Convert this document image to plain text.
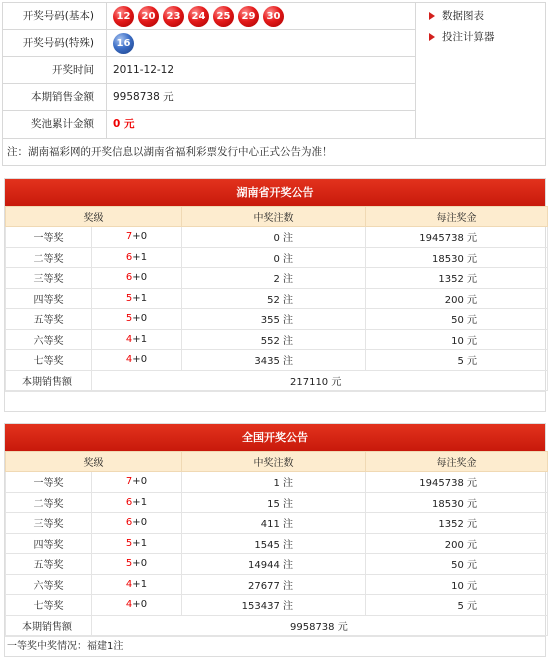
开奖号码(基本)	12	20	23	24	25	29	30
开奖号码(特殊)	16
开奖时间	2011-12-12
本期销售金额	9958738 元
奖池累计金额	0 元
数据图表
投注计算器
注：湖南福彩网的开奖信息以湖南省福利彩票发行中心正式公告为准！
湖南省开奖公告
奖级		中奖注数	每注奖金
一等奖	7+0	0 注	1945738 元
二等奖	6+1	0 注	18530 元
三等奖	6+0	2 注	1352 元
四等奖	5+1	52 注	200 元
五等奖	5+0	355 注	50 元
六等奖	4+1	552 注	10 元
七等奖	4+0	3435 注	5 元
本期销售额	217110 元		
全国开奖公告
奖级		中奖注数	每注奖金
一等奖	7+0	1 注	1945738 元
二等奖	6+1	15 注	18530 元
三等奖	6+0	411 注	1352 元
四等奖	5+1	1545 注	200 元
五等奖	5+0	14944 注	50 元
六等奖	4+1	27677 注	10 元
七等奖	4+0	153437 注	5 元
本期销售额	9958738 元		
一等奖中奖情况：福建1注
